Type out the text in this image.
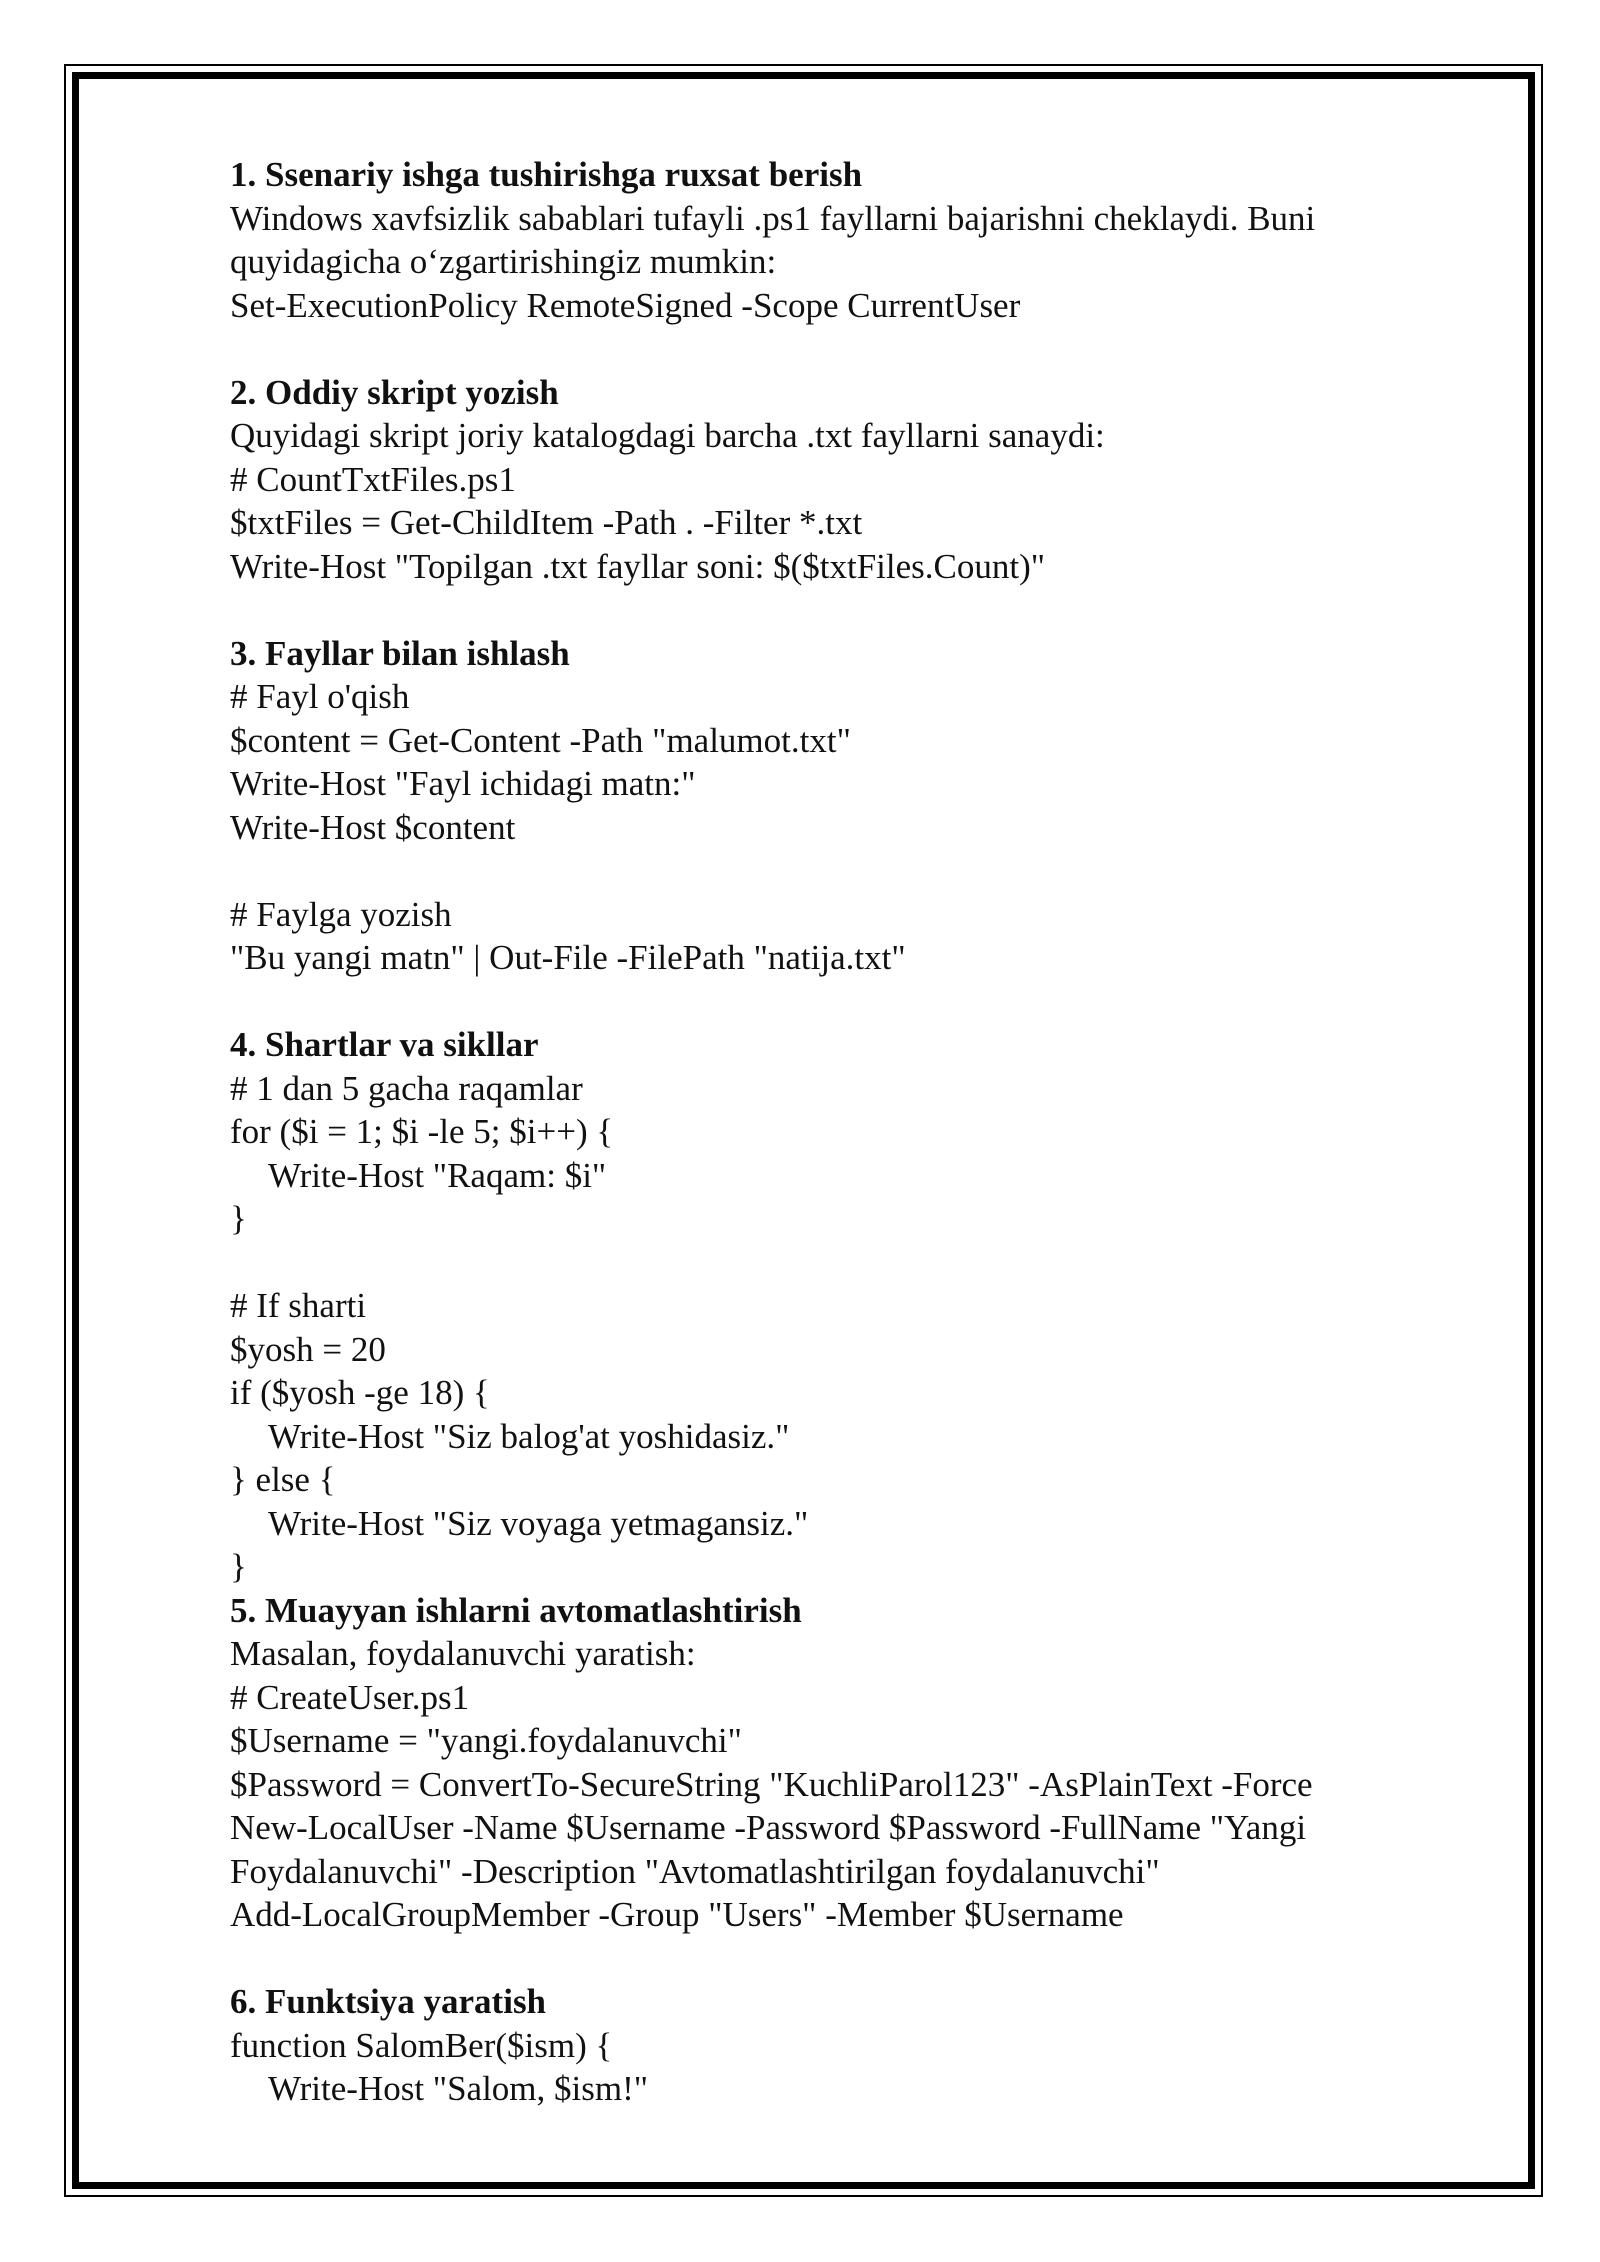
1. Ssenariy ishga tushirishga ruxsat berish
Windows xavfsizlik sabablari tufayli .ps1 fayllarni bajarishni cheklaydi. Buni
quyidagicha o‘zgartirishingiz mumkin:
Set-ExecutionPolicy RemoteSigned -Scope CurrentUser
2. Oddiy skript yozish
Quyidagi skript joriy katalogdagi barcha .txt fayllarni sanaydi:
# CountTxtFiles.ps1
$txtFiles = Get-ChildItem -Path . -Filter *.txt
Write-Host "Topilgan .txt fayllar soni: $($txtFiles.Count)"
3. Fayllar bilan ishlash
# Fayl o'qish
$content = Get-Content -Path "malumot.txt"
Write-Host "Fayl ichidagi matn:"
Write-Host $content
# Faylga yozish
"Bu yangi matn" | Out-File -FilePath "natija.txt"
4. Shartlar va sikllar
# 1 dan 5 gacha raqamlar
for ($i = 1; $i -le 5; $i++) {
Write-Host "Raqam: $i"
}
# If sharti
$yosh = 20
if ($yosh -ge 18) {
Write-Host "Siz balog'at yoshidasiz."
} else {
Write-Host "Siz voyaga yetmagansiz."
}
5. Muayyan ishlarni avtomatlashtirish
Masalan, foydalanuvchi yaratish:
# CreateUser.ps1
$Username = "yangi.foydalanuvchi"
$Password = ConvertTo-SecureString "KuchliParol123" -AsPlainText -Force
New-LocalUser -Name $Username -Password $Password -FullName "Yangi
Foydalanuvchi" -Description "Avtomatlashtirilgan foydalanuvchi"
Add-LocalGroupMember -Group "Users" -Member $Username
6. Funktsiya yaratish
function SalomBer($ism) {
Write-Host "Salom, $ism!"
